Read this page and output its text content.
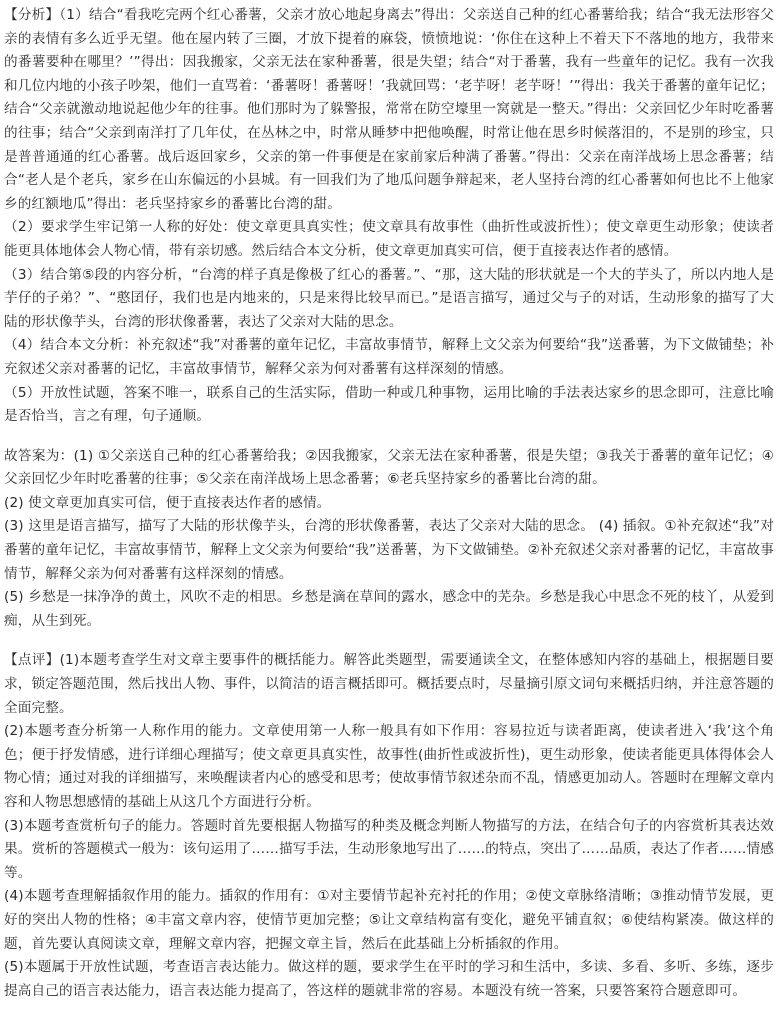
【分析】（1）结合“看我吃完两个红心番薯，父亲才放心地起身离去”得出：父亲送自己种的红心番薯给我；结合“我无法形容父亲的表情有多么近乎无望。他在屋内转了三圈，才放下提着的麻袋，愤愤地说：‘你住在这种上不着天下不落地的地方，我带来的番薯要种在哪里？’”得出：因我搬家，父亲无法在家种番薯，很是失望；结合“对于番薯，我有一些童年的记忆。我有一次我和几位内地的小孩子吵架，他们一直骂着：‘番薯呀！番薯呀！’我就回骂：‘老芋呀！老芋呀！’”得出：我关于番薯的童年记忆；结合“父亲就激动地说起他少年的往事。他们那时为了躲警报，常常在防空壕里一窝就是一整天。”得出：父亲回忆少年时吃番薯的往事；结合“父亲到南洋打了几年仗，在丛林之中，时常从睡梦中把他唤醒，时常让他在思乡时候落泪的，不是别的珍宝，只是普普通通的红心番薯。战后返回家乡，父亲的第一件事便是在家前家后种满了番薯。”得出：父亲在南洋战场上思念番薯；结合“老人是个老兵，家乡在山东偏远的小县城。有一回我们为了地瓜问题争辩起来，老人坚持台湾的红心番薯如何也比不上他家乡的红额地瓜”得出：老兵坚持家乡的番薯比台湾的甜。

（2）要求学生牢记第一人称的好处：使文章更具真实性；使文章具有故事性（曲折性或波折性）；使文章更生动形象；使读者能更具体地体会人物心情，带有亲切感。然后结合本文分析，使文章更加真实可信，便于直接表达作者的感情。

（3）结合第⑤段的内容分析，“台湾的样子真是像极了红心的番薯。”、“那，这大陆的形状就是一个大的芋头了，所以内地人是芋仔的子弟？”、“憨囝仔，我们也是内地来的，只是来得比较早而已。”是语言描写，通过父与子的对话，生动形象的描写了大陆的形状像芋头，台湾的形状像番薯，表达了父亲对大陆的思念。

（4）结合本文分析：补充叙述“我”对番薯的童年记忆，丰富故事情节，解释上文父亲为何要给“我”送番薯，为下文做铺垫；补充叙述父亲对番薯的记忆，丰富故事情节，解释父亲为何对番薯有这样深刻的情感。

（5）开放性试题，答案不唯一，联系自己的生活实际，借助一种或几种事物，运用比喻的手法表达家乡的思念即可，注意比喻是否恰当，言之有理，句子通顺。

故答案为：(1) ①父亲送自己种的红心番薯给我；②因我搬家，父亲无法在家种番薯，很是失望；③我关于番薯的童年记忆；④父亲回忆少年时吃番薯的往事；⑤父亲在南洋战场上思念番薯；⑥老兵坚持家乡的番薯比台湾的甜。

(2) 使文章更加真实可信，便于直接表达作者的感情。

(3) 这里是语言描写，描写了大陆的形状像芋头，台湾的形状像番薯，表达了父亲对大陆的思念。 (4) 插叙。①补充叙述“我”对番薯的童年记忆，丰富故事情节，解释上文父亲为何要给“我”送番薯，为下文做铺垫。②补充叙述父亲对番薯的记忆，丰富故事情节，解释父亲为何对番薯有这样深刻的情感。

(5) 乡愁是一抹净净的黄土，风吹不走的相思。乡愁是滴在草间的露水，感念中的芜杂。乡愁是我心中思念不死的枝丫，从爱到痴，从生到死。

【点评】(1)本题考查学生对文章主要事件的概括能力。解答此类题型，需要通读全文，在整体感知内容的基础上，根据题目要求，锁定答题范围，然后找出人物、事件，以简洁的语言概括即可。概括要点时，尽量摘引原文词句来概括归纳，并注意答题的全面完整。

(2)本题考查分析第一人称作用的能力。文章使用第一人称一般具有如下作用：容易拉近与读者距离，使读者进入‘我’这个角色；便于抒发情感，进行详细心理描写；使文章更具真实性，故事性(曲折性或波折性)，更生动形象，使读者能更具体得体会人物心情；通过对我的详细描写，来唤醒读者内心的感受和思考；使故事情节叙述杂而不乱，情感更加动人。答题时在理解文章内容和人物思想感情的基础上从这几个方面进行分析。

(3)本题考查赏析句子的能力。答题时首先要根据人物描写的种类及概念判断人物描写的方法，在结合句子的内容赏析其表达效果。赏析的答题模式一般为：该句运用了……描写手法，生动形象地写出了……的特点，突出了……品质，表达了作者……情感等。

(4)本题考查理解插叙作用的能力。插叙的作用有：①对主要情节起补充衬托的作用；②使文章脉络清晰；③推动情节发展，更好的突出人物的性格；④丰富文章内容，使情节更加完整；⑤让文章结构富有变化，避免平铺直叙；⑥使结构紧凑。做这样的题，首先要认真阅读文章，理解文章内容，把握文章主旨，然后在此基础上分析插叙的作用。

(5)本题属于开放性试题，考查语言表达能力。做这样的题，要求学生在平时的学习和生活中，多读、多看、多听、多练，逐步提高自己的语言表达能力，语言表达能力提高了，答这样的题就非常的容易。本题没有统一答案，只要答案符合题意即可。
